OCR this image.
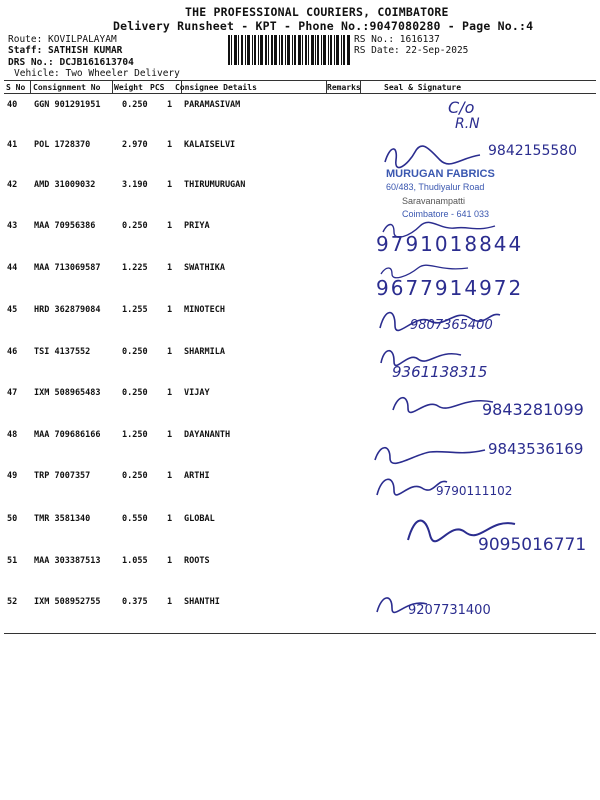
THE PROFESSIONAL COURIERS, COIMBATORE
Delivery Runsheet - KPT - Phone No.:9047080280 - Page No.:4
Route: KOVILPALAYAM
Staff: SATHISH KUMAR
DRS No.: DCJB16161370​4
Vehicle: Two Wheeler Delivery
RS No.: 1616137
RS Date: 22-Sep-2025
S No Consignment No Weight PCS Consignee Details	Remarks	Seal & Signature
40 GGN 901291951	0.250 1 PARAMASIVAM
41 POL 1728370	2.970 1 KALAISELVI
42 AMD 31009032	3.190 1 THIRUMURUGAN
43 MAA 70956386	0.250 1 PRIYA
44 MAA 713069587	1.225 1 SWATHIKA
45 HRD 362879084	1.255 1 MINOTECH
46 TSI 4137552	0.250 1 SHARMILA
47 IXM 508965483	0.250 1 VIJAY
48 MAA 709686166	1.250 1 DAYANANTH
49 TRP 7007357	0.250 1 ARTHI
50 TMR 3581340	0.550 1 GLOBAL
51 MAA 303387513	1.055 1 ROOTS
52 IXM 508952755	0.375 1 SHANTHI
MURUGAN FABRICS
60/483, Thudiyalur Road
Saravanampatti
Coimbatore - 641 033
C/o
R.N
9842155580
9791018844
9677914972
9807365400
9361138315
9843281099
9843536169
9790111102
9095016771
9207731400
